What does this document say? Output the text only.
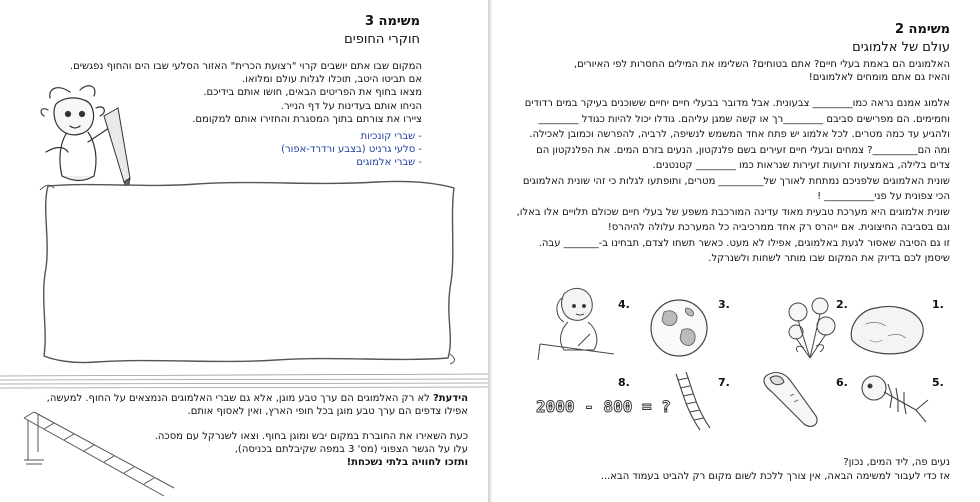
משימה 3
חוקרי החופים
המקום שבו אתם יושבים קרוי "רצועת הכרית" האזור הסלעי שבו הים והחוף נפגשים.
אם תביטו היטב, תוכלו לגלות עולם ומלואו.
מצאו בחוף את הפריטים הבאים, חושו אותם בידיכם.
הניחו אותם בעדינות על דף הנייר.
ציירו את צורתם בתוך המסגרת והחזירו אותם למקומם.
- שברי קונכיות
- סלעי גרניט (בצבע ורדרד-אפור)
- שברי אלמוגים
הידעת? לא רק האלמוגים הם ערך טבע מוגן, אלא גם שברי האלמוגים הנמצאים על החוף. למעשה,
אפילו צדפים הם ערך טבע מוגן בכל חופי הארץ, ואין לאסוף אותם.
כעת השאירו את החוברת במקום יבש ומוגן בחוף. וצאו לשנרקל עם מסכה.
עלו על הגשר הצפוני (מס' 3 במפה שקיבלתם בכניסה),
ותזכו לחוויה בלתי נשכחת!
משימה 2
עולם של אלמוגים
האלמוגים הם באמת בעלי חיים? אתם בטוחים? השלימו את המילים החסרות לפי האיורים,
והאיז גם אתם מומחים לאלמוגים!
אלמוג אמנם נראה כמו________ צבעונית. אבל מדובר בבעלי חיים יחיים ששוכנים בעיקר במים רדודים
וחמימים. הם מפרישים סביבם ________רך או קשה שמגן עליהם. גודלו יכול להיות כגודל ________
ולהגיע עד כמה מטרים. לכל אלמוג יש פתח אחד המשמש לנשיפה, לרביה, להפרשה וכמובן לאכילה.
ומה הם_________? צמחים ובעלי חיים זעירים בשם פלנקטון, הנעים בזרם המים. את הפלנקטון הם
צדים בלילה, באמצעות זרועות זעירות שנראות כמו ________ קטנטנים.
שונית האלמוגים שלפניכם נמתחת לאורך של_________ מטרים, ותופתעו לגלות כי זהי שונית האלמוגים
הכי צפונית על פני__________ !
שונית אלמוגים היא מערכת טבעית מאוד עדינה המורכבת משפע של בעלי חיים שכולם תלויים אלו באלו,
וגם בסביבה החיצונית. אם ייהרס רק אחד ממרכיביה כל המערכת עלולה להיהרס!
זו גם הסיבה שאסור לגעת באלמוגים, אפילו לא מעט. כאשר תשחו לצדם, תבחינו ב-_______ עבה.
שיסמן לכם בדיוק את המקום שבו מותר לשחות ולשנרקל.
1.
2.
3.
4.
5.
6.
7.
8.
2000 - 800 = ?
נעים פה, ליד המים, נכון?
אז כדי לעבור למשימה הבאה, אין צורך ללכת לשום מקום רק להביט בעמוד הבא...
